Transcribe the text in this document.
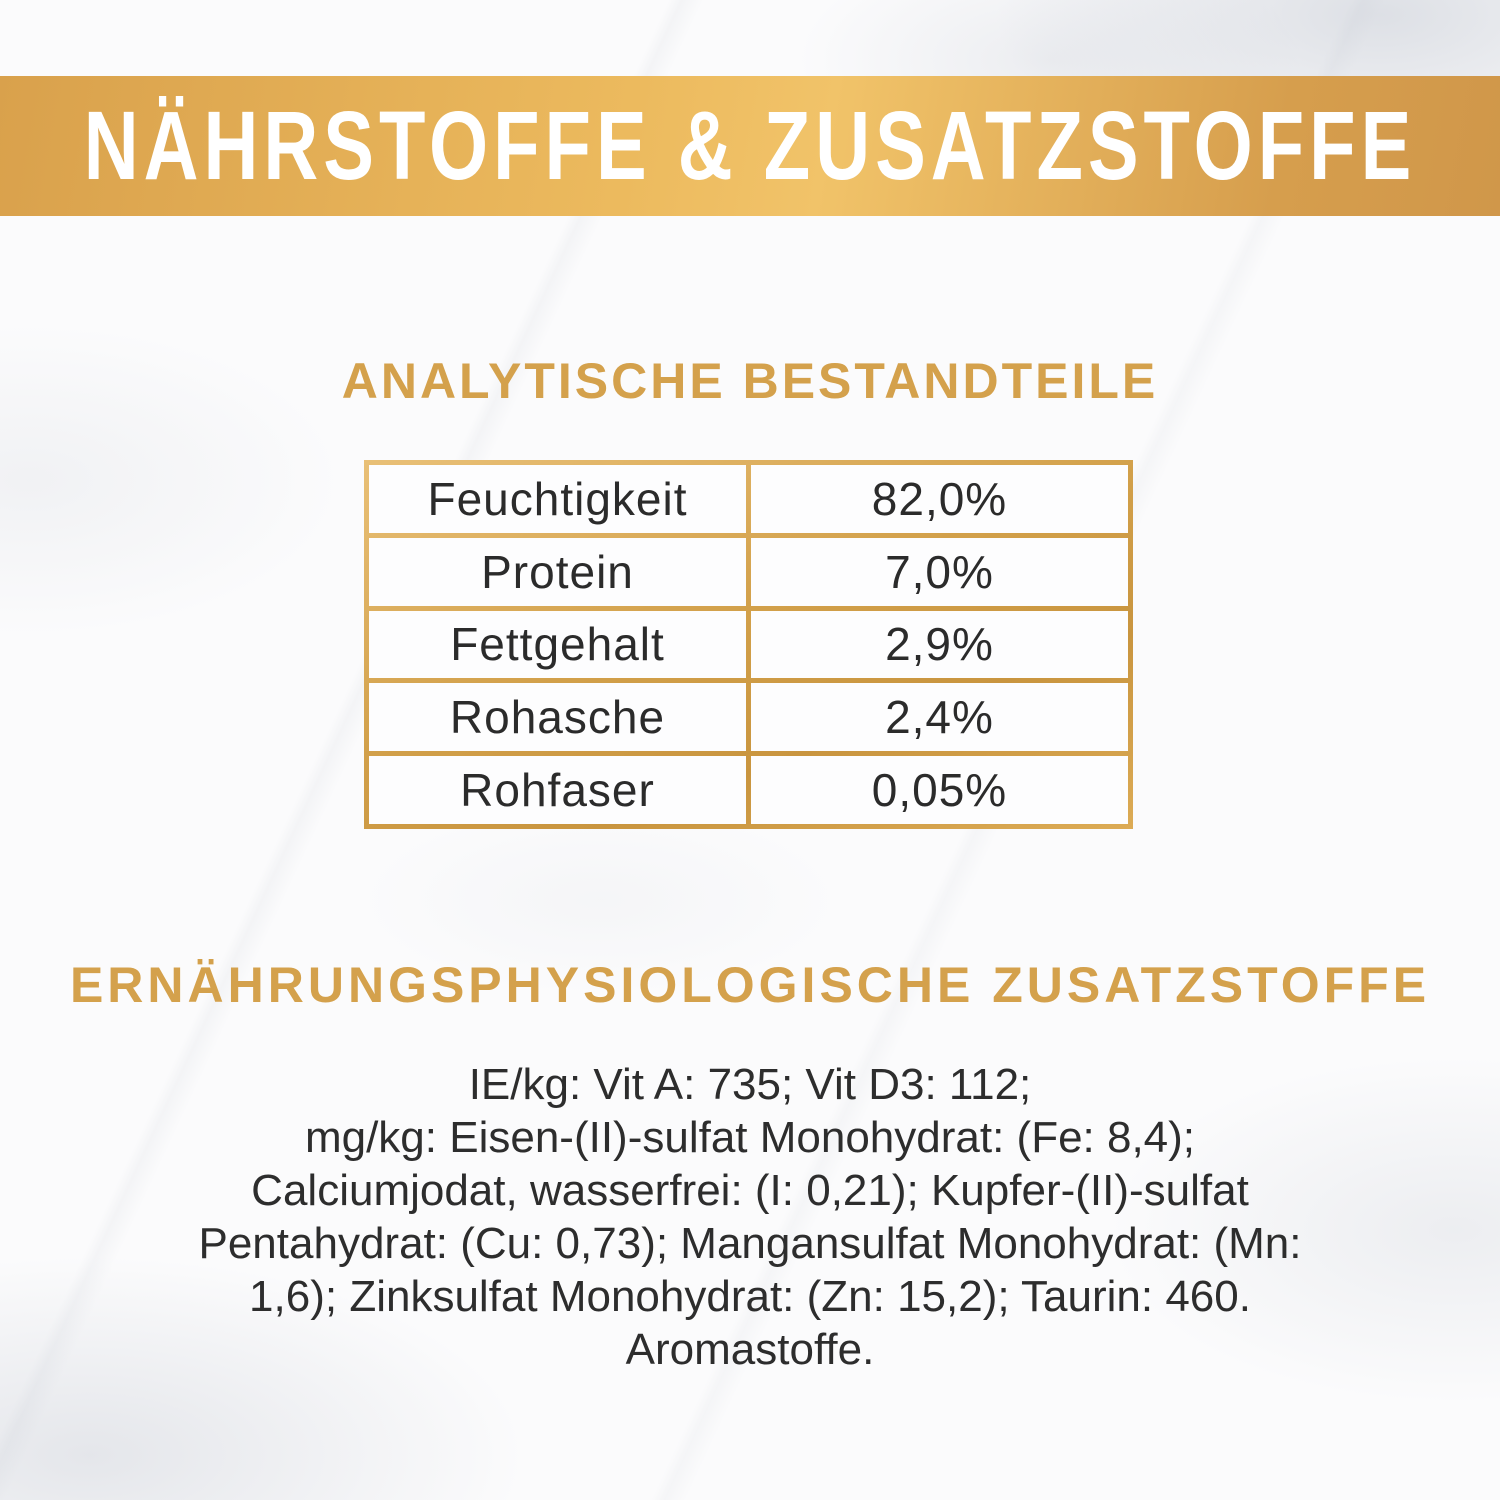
NÄHRSTOFFE & ZUSATZSTOFFE
ANALYTISCHE BESTANDTEILE
Feuchtigkeit	82,0%
Protein	7,0%
Fettgehalt	2,9%
Rohasche	2,4%
Rohfaser	0,05%
ERNÄHRUNGSPHYSIOLOGISCHE ZUSATZSTOFFE
IE/kg: Vit A: 735; Vit D3: 112;
mg/kg: Eisen-(II)-sulfat Monohydrat: (Fe: 8,4);
Calciumjodat, wasserfrei: (I: 0,21); Kupfer-(II)-sulfat
Pentahydrat: (Cu: 0,73); Mangansulfat Monohydrat: (Mn:
1,6); Zinksulfat Monohydrat: (Zn: 15,2); Taurin: 460.
Aromastoffe.
